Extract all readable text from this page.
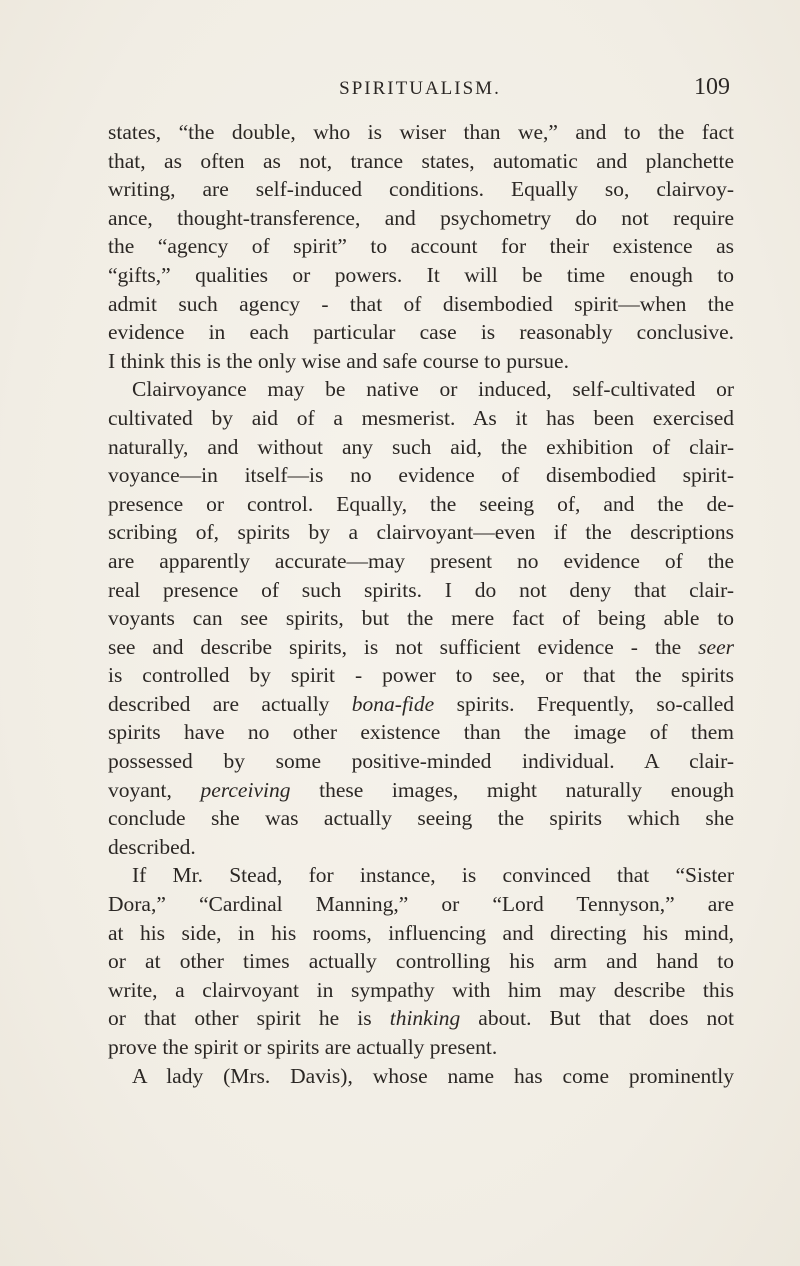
SPIRITUALISM.	109
states, “the double, who is wiser than we,” and to the fact
that, as often as not, trance states, automatic and planchette
writing, are self-induced conditions. Equally so, clairvoy-
ance, thought-transference, and psychometry do not require
the “agency of spirit” to account for their existence as
“gifts,” qualities or powers. It will be time enough to
admit such agency - that of disembodied spirit—when the
evidence in each particular case is reasonably conclusive.
I think this is the only wise and safe course to pursue.
Clairvoyance may be native or induced, self-cultivated or
cultivated by aid of a mesmerist. As it has been exercised
naturally, and without any such aid, the exhibition of clair-
voyance—in itself—is no evidence of disembodied spirit-
presence or control. Equally, the seeing of, and the de-
scribing of, spirits by a clairvoyant—even if the descriptions
are apparently accurate—may present no evidence of the
real presence of such spirits. I do not deny that clair-
voyants can see spirits, but the mere fact of being able to
see and describe spirits, is not sufficient evidence - the seer
is controlled by spirit - power to see, or that the spirits
described are actually bona-fide spirits. Frequently, so-called
spirits have no other existence than the image of them
possessed by some positive-minded individual. A clair-
voyant, perceiving these images, might naturally enough
conclude she was actually seeing the spirits which she
described.
If Mr. Stead, for instance, is convinced that “Sister
Dora,” “Cardinal Manning,” or “Lord Tennyson,” are
at his side, in his rooms, influencing and directing his mind,
or at other times actually controlling his arm and hand to
write, a clairvoyant in sympathy with him may describe this
or that other spirit he is thinking about. But that does not
prove the spirit or spirits are actually present.
A lady (Mrs. Davis), whose name has come prominently
